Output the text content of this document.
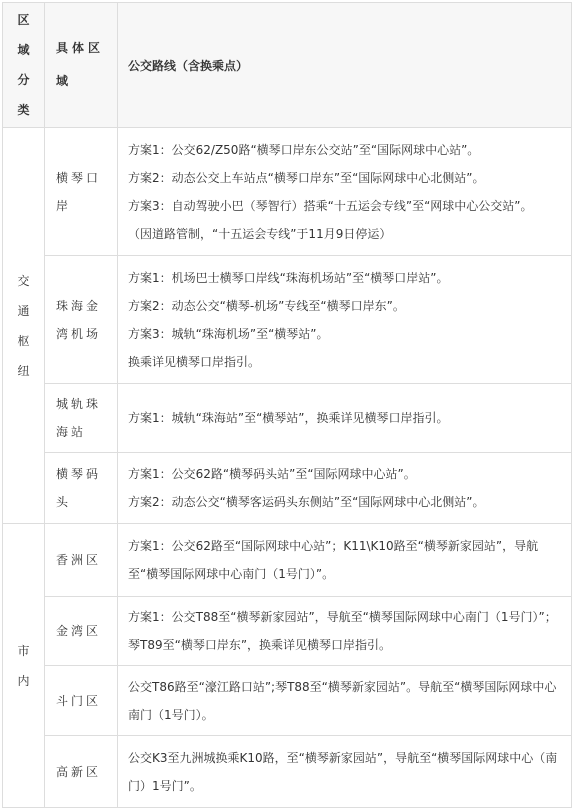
区
域
分
类	具体区域	公交路线（含换乘点）

交
通
枢
纽	横琴口岸	方案1：公交62/Z50路“横琴口岸东公交站”至“国际网球中心站”。
方案2：动态公交上车站点“横琴口岸东”至“国际网球中心北侧站”。
方案3：自动驾驶小巴（琴智行）搭乘“十五运会专线”至“网球中心公交站”。
（因道路管制，“十五运会专线”于11月9日停运）

	珠海金湾机场	方案1：机场巴士横琴口岸线“珠海机场站”至“横琴口岸站”。
方案2：动态公交“横琴-机场”专线至“横琴口岸东”。
方案3：城轨“珠海机场”至“横琴站”。
换乘详见横琴口岸指引。

	城轨珠海站	方案1：城轨“珠海站”至“横琴站”，换乘详见横琴口岸指引。

	横琴码头	方案1：公交62路“横琴码头站”至“国际网球中心站”。
方案2：动态公交“横琴客运码头东侧站”至“国际网球中心北侧站”。

市
内	香洲区	方案1：公交62路至“国际网球中心站”；K11\K10路至“横琴新家园站”，导航至“横琴国际网球中心南门（1号门）”。

	金湾区	方案1：公交T88至“横琴新家园站”，导航至“横琴国际网球中心南门（1号门）”；琴T89至“横琴口岸东”，换乘详见横琴口岸指引。

	斗门区	公交T86路至“濠江路口站”;琴T88至“横琴新家园站”。导航至“横琴国际网球中心南门（1号门）。

	高新区	公交K3至九洲城换乘K10路，至“横琴新家园站”，导航至“横琴国际网球中心（南门）1号门”。
